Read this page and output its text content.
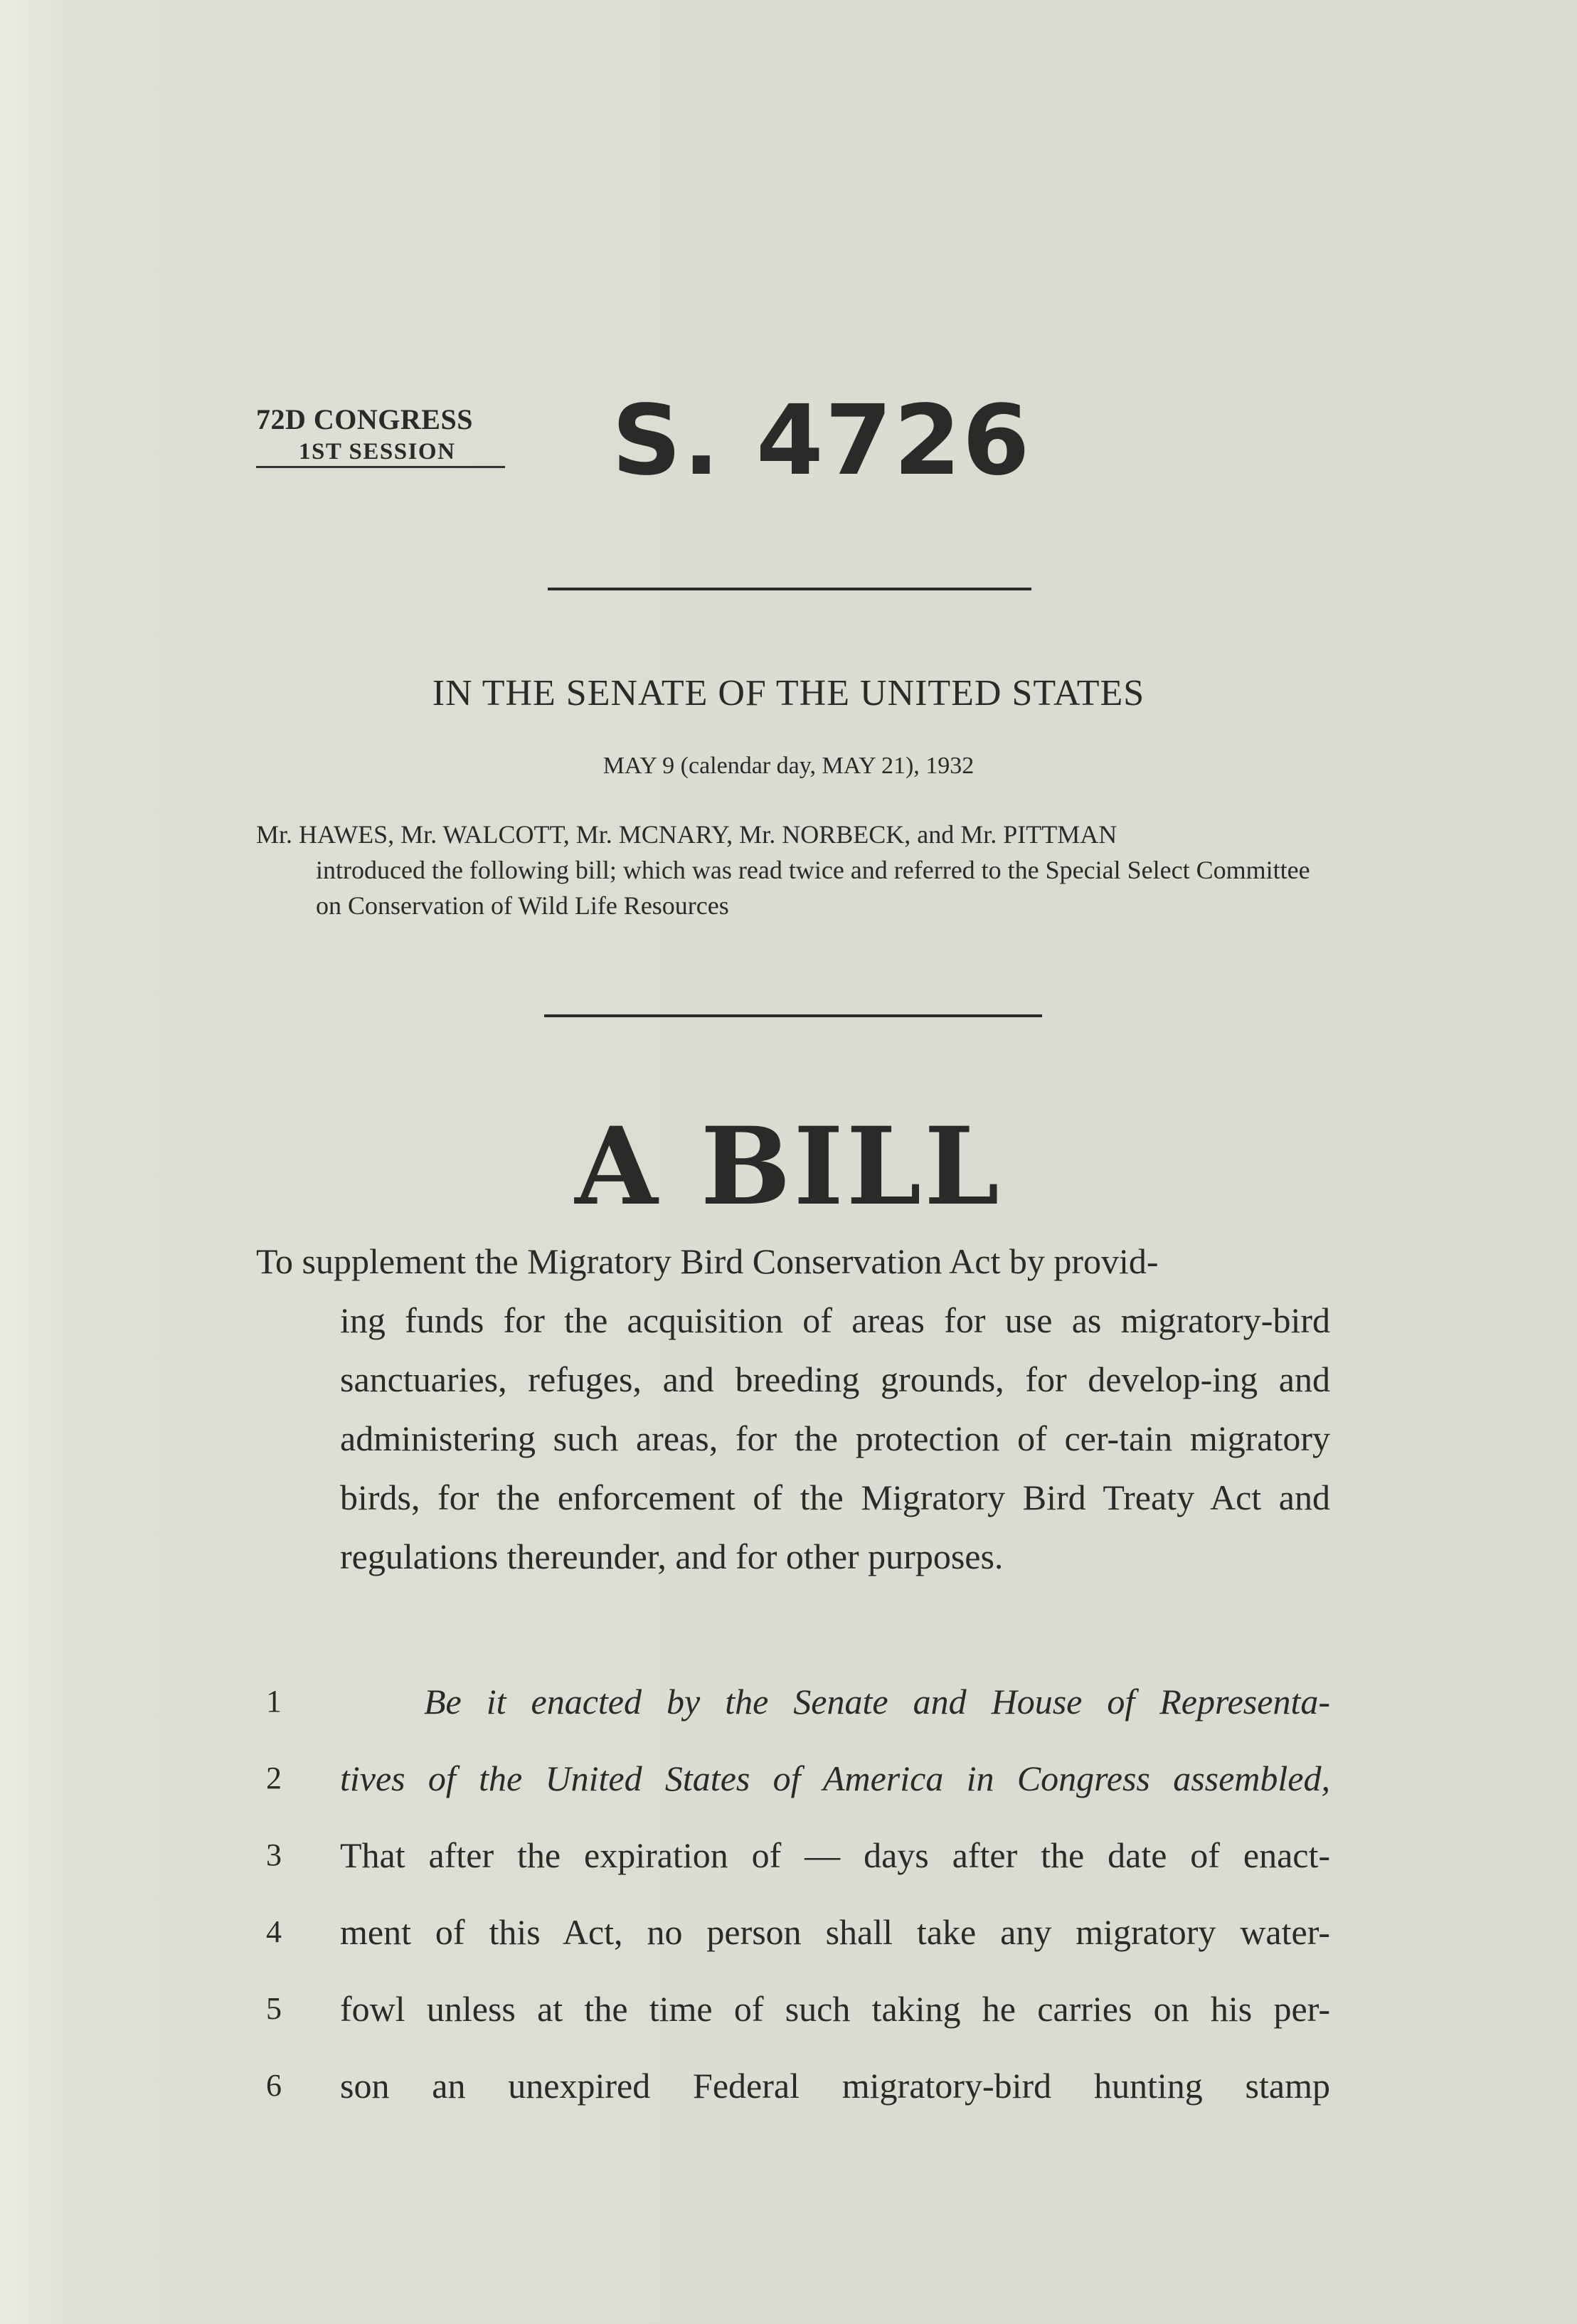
72D CONGRESS
1ST SESSION	S. 4726
IN THE SENATE OF THE UNITED STATES
MAY 9 (calendar day, MAY 21), 1932
Mr. HAWES, Mr. WALCOTT, Mr. MCNARY, Mr. NORBECK, and Mr. PITTMAN
introduced the following bill; which was read twice and referred to the Special Select Committee on Conservation of Wild Life Resources
A BILL
To supplement the Migratory Bird Conservation Act by provid-
ing funds for the acquisition of areas for use as migratory-bird sanctuaries, refuges, and breeding grounds, for develop-ing and administering such areas, for the protection of cer-tain migratory birds, for the enforcement of the Migratory Bird Treaty Act and regulations thereunder, and for other purposes.
1	Be it enacted by the Senate and House of Representa-
2 tives of the United States of America in Congress assembled,
3 That after the expiration of — days after the date of enact-
4 ment of this Act, no person shall take any migratory water-
5 fowl unless at the time of such taking he carries on his per-
6 son an unexpired Federal migratory-bird hunting stamp
